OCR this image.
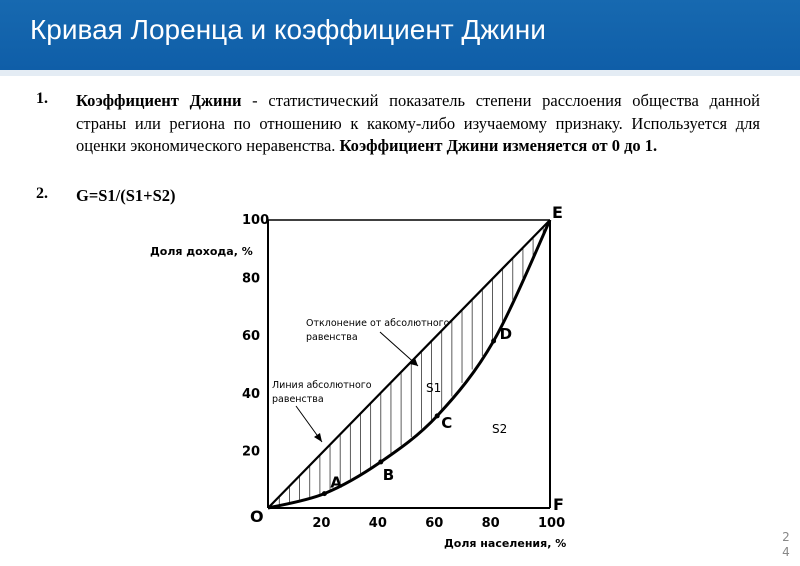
Кривая Лоренца и коэффициент Джини
1. Коэффициент Джини - статистический показатель степени расслоения общества данной страны или региона по отношению к какому-либо изучаемому признаку. Используется для оценки экономического неравенства. Коэффициент Джини изменяется от 0 до 1.
2. G=S1/(S1+S2)
A	B
C
D
O
E
F
20
40
60
80
100
20	40	60	80	100
Доля дохода, %
Доля населения, %
Отклонение от абсолютного
равенства
Линия абсолютного
равенства
S1
S2
24
